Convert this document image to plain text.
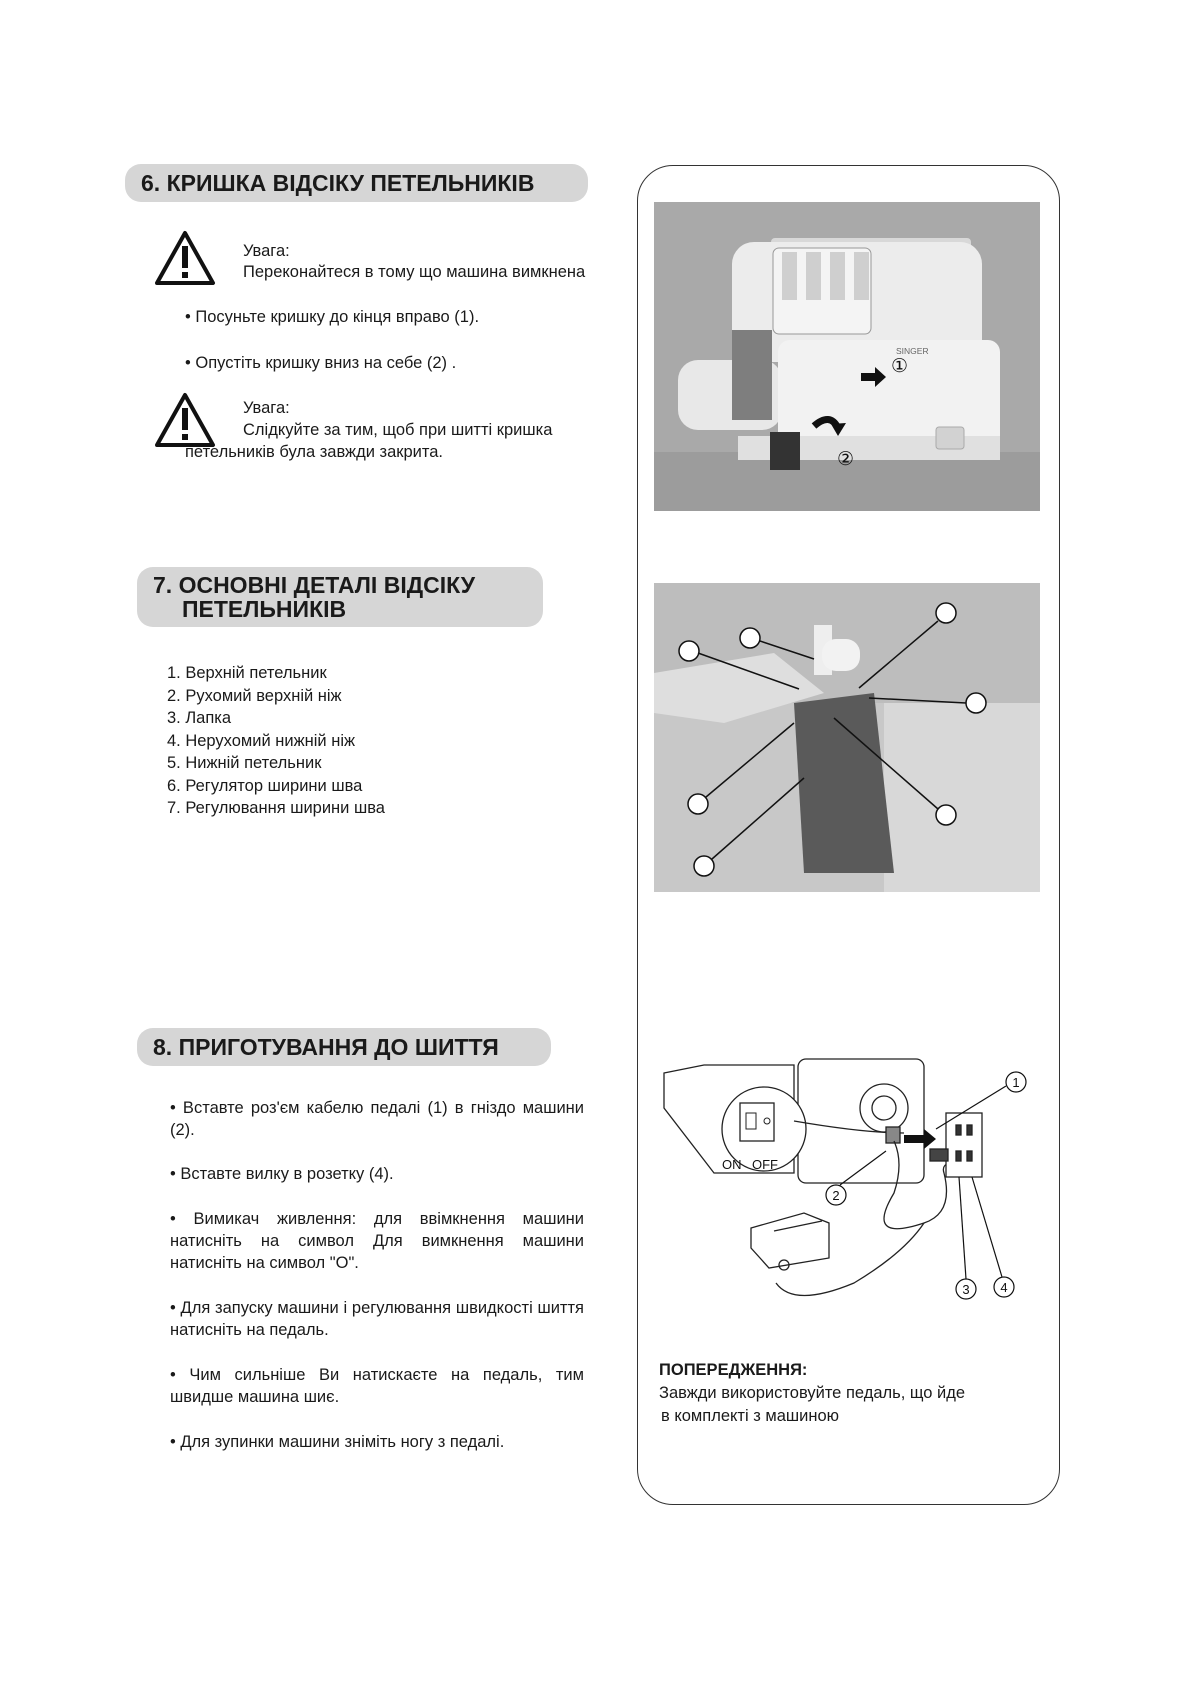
6. КРИШКА ВІДСІКУ ПЕТЕЛЬНИКІВ

Увага:

Переконайтеся в тому що машина вимкнена

• Посуньте кришку до кінця вправо (1).

• Опустіть кришку вниз на себе (2) .

Увага:

Слідкуйте за тим, щоб при шитті кришка

петельників була завжди закрита.

7. ОСНОВНІ ДЕТАЛІ ВІДСІКУ
ПЕТЕЛЬНИКІВ
1. Верхній петельник
2. Рухомий верхній ніж
3. Лапка
4. Нерухомий нижній ніж
5. Нижній петельник
6. Регулятор ширини шва
7. Регулювання ширини шва
8. ПРИГОТУВАННЯ ДО ШИТТЯ

• Вставте роз'єм кабелю педалі (1) в гніздо машини (2).

• Вставте вилку в розетку (4).

• Вимикач живлення: для ввімкнення машини натисніть на символ Для вимкнення машини натисніть на символ "O".

• Для запуску машини і регулювання швидкості шиття натисніть на педаль.

• Чим сильніше Ви натискаєте на педаль, тим швидше машина шиє.

• Для зупинки машини зніміть ногу з педалі.

SINGER
①
②
ON OFF
1
2
3 4

ПОПЕРЕДЖЕННЯ:

Завжди використовуйте педаль, що йде

в комплекті з машиною
